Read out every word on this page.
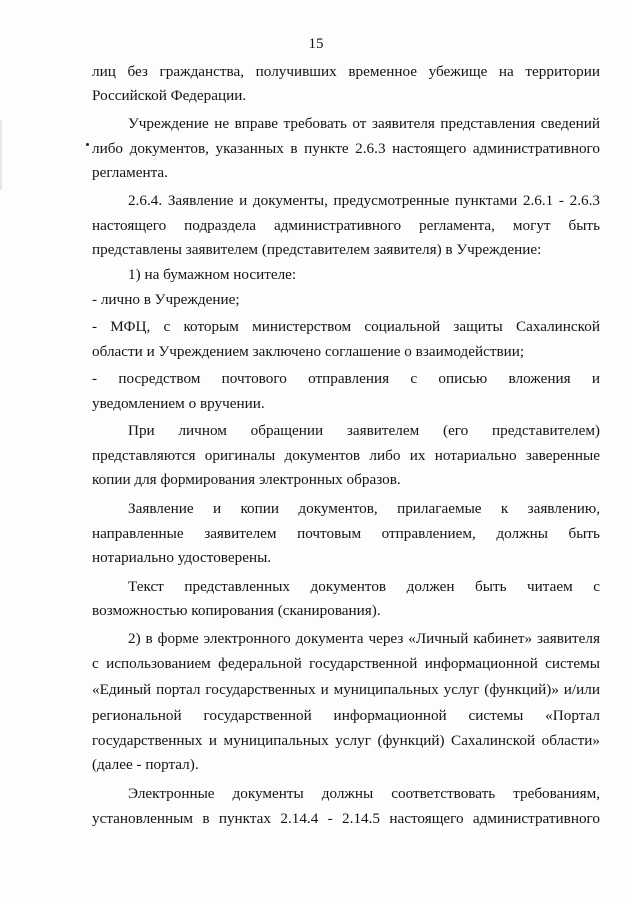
15
лиц без гражданства, получивших временное убежище на территории
Российской Федерации.
Учреждение не вправе требовать от заявителя представления сведений
либо документов, указанных в пункте 2.6.3 настоящего административного
регламента.
2.6.4. Заявление и документы, предусмотренные пунктами 2.6.1 - 2.6.3
настоящего подраздела административного регламента, могут быть
представлены заявителем (представителем заявителя) в Учреждение:
1) на бумажном носителе:
- лично в Учреждение;
- МФЦ, с которым министерством социальной защиты Сахалинской
области и Учреждением заключено соглашение о взаимодействии;
- посредством почтового отправления с описью вложения и
уведомлением о вручении.
При личном обращении заявителем (его представителем)
представляются оригиналы документов либо их нотариально заверенные
копии для формирования электронных образов.
Заявление и копии документов, прилагаемые к заявлению,
направленные заявителем почтовым отправлением, должны быть
нотариально удостоверены.
Текст представленных документов должен быть читаем с
возможностью копирования (сканирования).
2) в форме электронного документа через «Личный кабинет» заявителя
с использованием федеральной государственной информационной системы
«Единый портал государственных и муниципальных услуг (функций)» и/или
региональной государственной информационной системы «Портал
государственных и муниципальных услуг (функций) Сахалинской области»
(далее - портал).
Электронные документы должны соответствовать требованиям,
установленным в пунктах 2.14.4 - 2.14.5 настоящего административного
